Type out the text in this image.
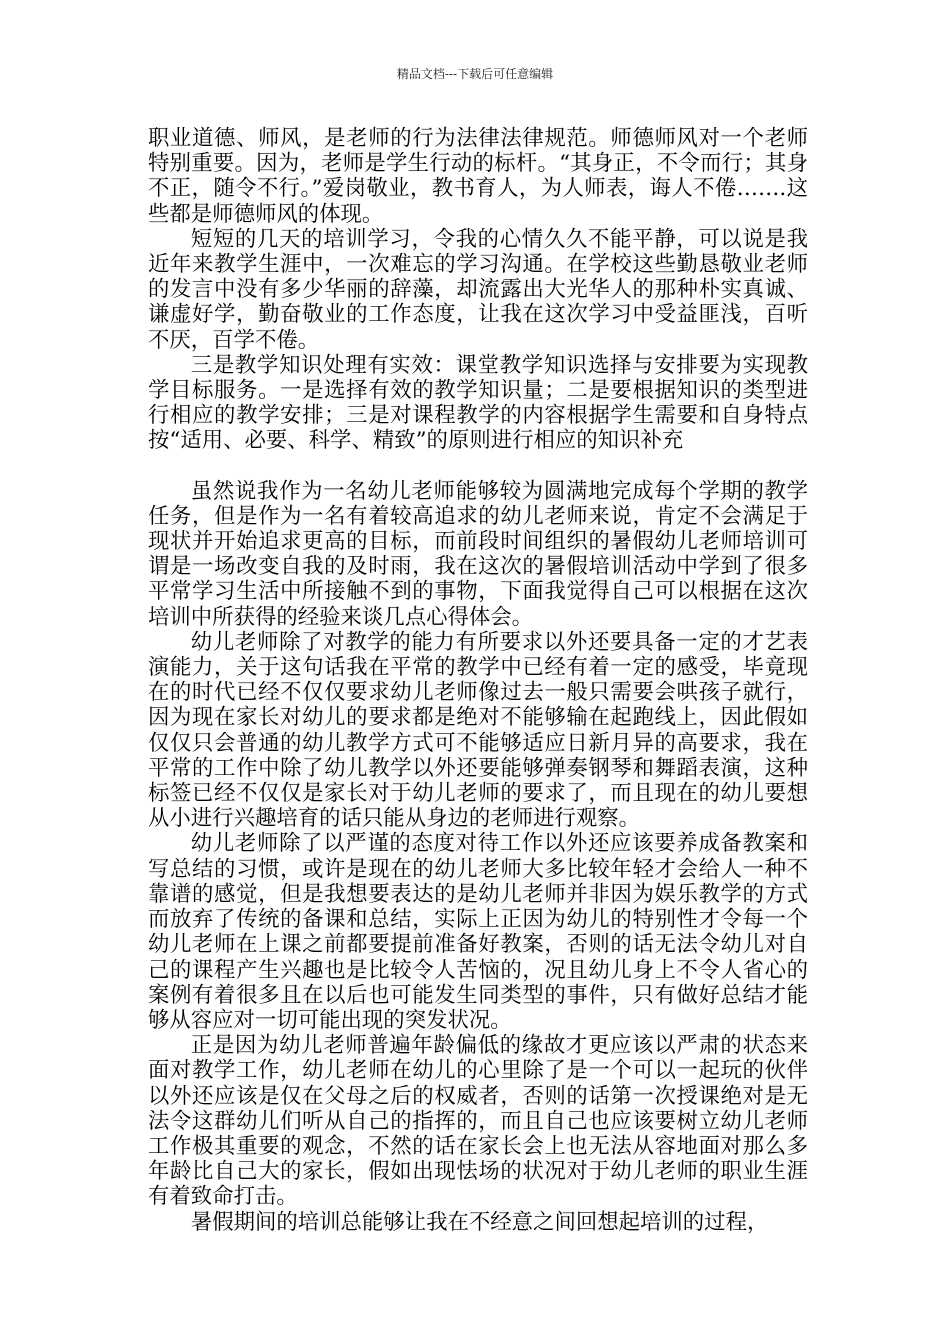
精品文档---下载后可任意编辑

职业道德、师风，是老师的行为法律法律规范。师德师风对一个老师特别重要。因为，老师是学生行动的标杆。“其身正，不令而行；其身不正，随令不行。”爱岗敬业，教书育人，为人师表，诲人不倦…….这些都是师德师风的体现。

短短的几天的培训学习，令我的心情久久不能平静，可以说是我近年来教学生涯中，一次难忘的学习沟通。在学校这些勤恳敬业老师的发言中没有多少华丽的辞藻，却流露出大光华人的那种朴实真诚、谦虚好学，勤奋敬业的工作态度，让我在这次学习中受益匪浅，百听不厌，百学不倦。

三是教学知识处理有实效：课堂教学知识选择与安排要为实现教学目标服务。一是选择有效的教学知识量；二是要根据知识的类型进行相应的教学安排；三是对课程教学的内容根据学生需要和自身特点按“适用、必要、科学、精致”的原则进行相应的知识补充

虽然说我作为一名幼儿老师能够较为圆满地完成每个学期的教学任务，但是作为一名有着较高追求的幼儿老师来说，肯定不会满足于现状并开始追求更高的目标，而前段时间组织的暑假幼儿老师培训可谓是一场改变自我的及时雨，我在这次的暑假培训活动中学到了很多平常学习生活中所接触不到的事物，下面我觉得自己可以根据在这次培训中所获得的经验来谈几点心得体会。

幼儿老师除了对教学的能力有所要求以外还要具备一定的才艺表演能力，关于这句话我在平常的教学中已经有着一定的感受，毕竟现在的时代已经不仅仅要求幼儿老师像过去一般只需要会哄孩子就行，因为现在家长对幼儿的要求都是绝对不能够输在起跑线上，因此假如仅仅只会普通的幼儿教学方式可不能够适应日新月异的高要求，我在平常的工作中除了幼儿教学以外还要能够弹奏钢琴和舞蹈表演，这种标签已经不仅仅是家长对于幼儿老师的要求了，而且现在的幼儿要想从小进行兴趣培育的话只能从身边的老师进行观察。

幼儿老师除了以严谨的态度对待工作以外还应该要养成备教案和写总结的习惯，或许是现在的幼儿老师大多比较年轻才会给人一种不靠谱的感觉，但是我想要表达的是幼儿老师并非因为娱乐教学的方式而放弃了传统的备课和总结，实际上正因为幼儿的特别性才令每一个幼儿老师在上课之前都要提前准备好教案，否则的话无法令幼儿对自己的课程产生兴趣也是比较令人苦恼的，况且幼儿身上不令人省心的案例有着很多且在以后也可能发生同类型的事件，只有做好总结才能够从容应对一切可能出现的突发状况。

正是因为幼儿老师普遍年龄偏低的缘故才更应该以严肃的状态来面对教学工作，幼儿老师在幼儿的心里除了是一个可以一起玩的伙伴以外还应该是仅在父母之后的权威者，否则的话第一次授课绝对是无法令这群幼儿们听从自己的指挥的，而且自己也应该要树立幼儿老师工作极其重要的观念，不然的话在家长会上也无法从容地面对那么多年龄比自己大的家长，假如出现怯场的状况对于幼儿老师的职业生涯有着致命打击。

暑假期间的培训总能够让我在不经意之间回想起培训的过程，
